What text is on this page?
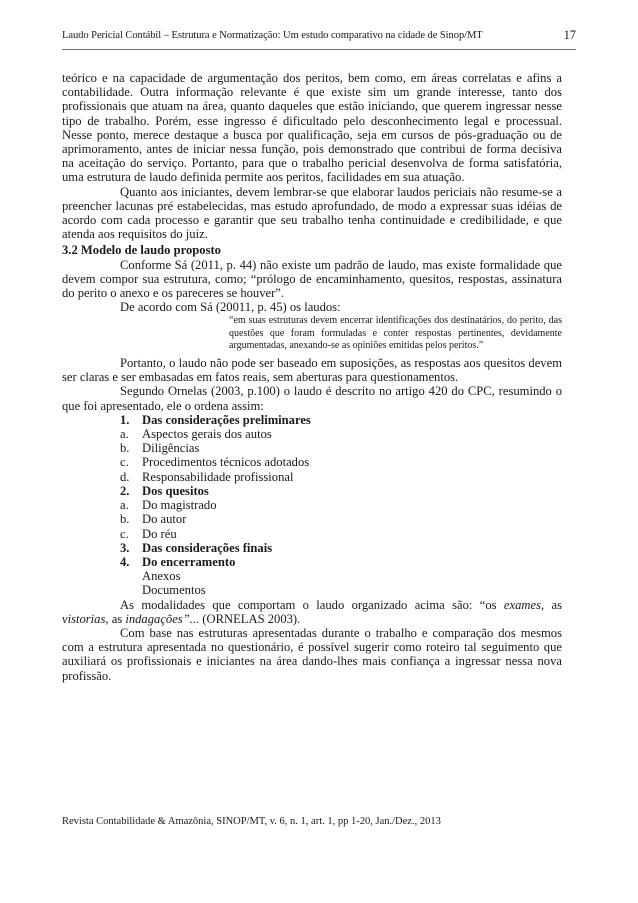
Laudo Pericial Contábil – Estrutura e Normatização: Um estudo comparativo na cidade de Sinop/MT	17

teórico e na capacidade de argumentação dos peritos, bem como, em áreas correlatas e afins a contabilidade. Outra informação relevante é que existe sim um grande interesse, tanto dos profissionais que atuam na área, quanto daqueles que estão iniciando, que querem ingressar nesse tipo de trabalho. Porém, esse ingresso é dificultado pelo desconhecimento legal e processual. Nesse ponto, merece destaque a busca por qualificação, seja em cursos de pós-graduação ou de aprimoramento, antes de iniciar nessa função, pois demonstrado que contribui de forma decisiva na aceitação do serviço. Portanto, para que o trabalho pericial desenvolva de forma satisfatória, uma estrutura de laudo definida permite aos peritos, facilidades em sua atuação.

Quanto aos iniciantes, devem lembrar-se que elaborar laudos periciais não resume-se a preencher lacunas pré estabelecidas, mas estudo aprofundado, de modo a expressar suas idéias de acordo com cada processo e garantir que seu trabalho tenha continuidade e credibilidade, e que atenda aos requisitos do juiz.

3.2 Modelo de laudo proposto

Conforme Sá (2011, p. 44) não existe um padrão de laudo, mas existe formalidade que devem compor sua estrutura, como; “prólogo de encaminhamento, quesitos, respostas, assinatura do perito o anexo e os pareceres se houver”.

De acordo com Sá (20011, p. 45) os laudos:

“em suas estruturas devem encerrar identificações dos destinatários, do perito, das questões que foram formuladas e conter respostas pertinentes, devidamente argumentadas, anexando-se as opiniões emitidas pelos peritos.”

Portanto, o laudo não pode ser baseado em suposições, as respostas aos quesitos devem ser claras e ser embasadas em fatos reais, sem aberturas para questionamentos.

Segundo Ornelas (2003, p.100) o laudo é descrito no artigo 420 do CPC, resumindo o que foi apresentado, ele o ordena assim:

1. Das considerações preliminares
a. Aspectos gerais dos autos
b. Diligências
c. Procedimentos técnicos adotados
d. Responsabilidade profissional
2. Dos quesitos
a. Do magistrado
b. Do autor
c. Do réu
3. Das considerações finais
4. Do encerramento
Anexos
Documentos

As modalidades que comportam o laudo organizado acima são: “os exames, as vistorias, as indagações”... (ORNELAS 2003).

Com base nas estruturas apresentadas durante o trabalho e comparação dos mesmos com a estrutura apresentada no questionário, é possível sugerir como roteiro tal seguimento que auxiliará os profissionais e iniciantes na área dando-lhes mais confiança a ingressar nessa nova profissão.

Revista Contabilidade & Amazônia, SINOP/MT, v. 6, n. 1, art. 1, pp 1-20, Jan./Dez., 2013
